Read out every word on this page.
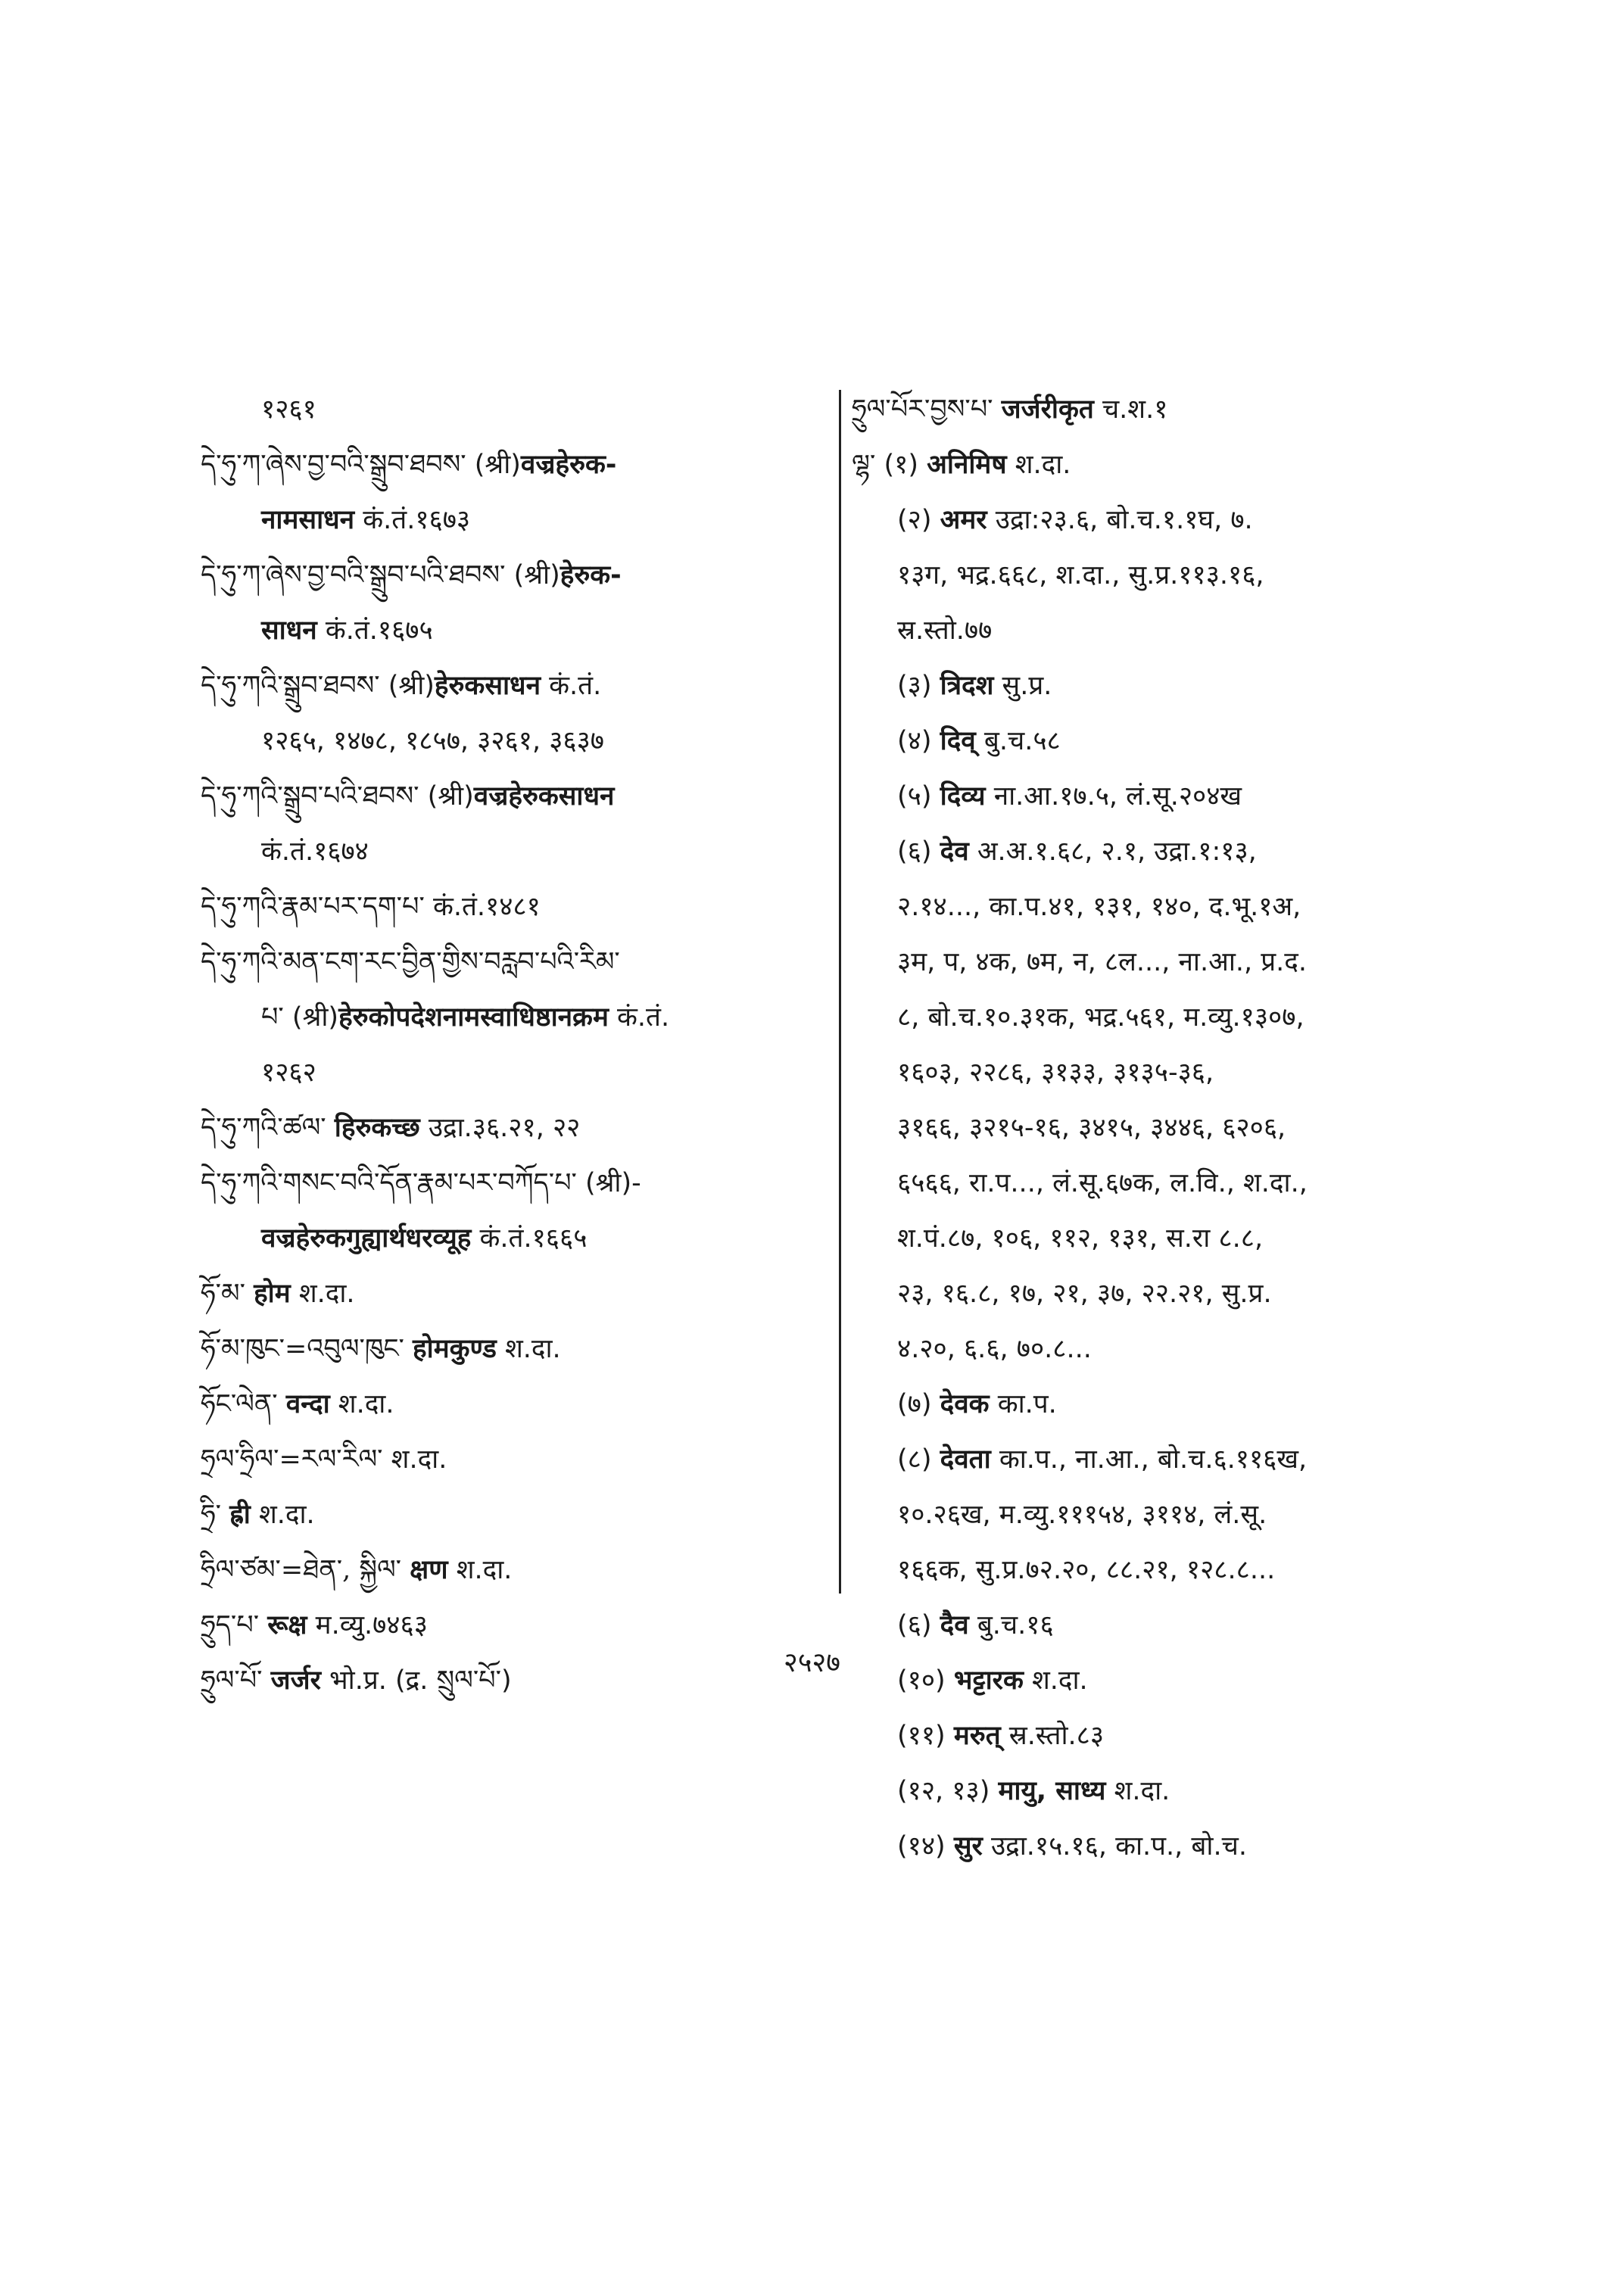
१२६१
དེ་ཧུ་ཀ་ཞེས་བྱ་བའི་སྒྲུབ་ཐབས་ (श्री)वज्रहेरुक-
नामसाधन कं.तं.१६७३
དེ་ཧུ་ཀ་ཞེས་བྱ་བའི་སྒྲུབ་པའི་ཐབས་ (श्री)हेरुक-
साधन कं.तं.१६७५
དེ་ཧུ་ཀའི་སྒྲུབ་ཐབས་ (श्री)हेरुकसाधन कं.तं.
१२६५, १४७८, १८५७, ३२६१, ३६३७
དེ་ཧུ་ཀའི་སྒྲུབ་པའི་ཐབས་ (श्री)वज्रहेरुकसाधन
कं.तं.१६७४
དེ་ཧུ་ཀའི་རྣམ་པར་དག་པ་ कं.तं.१४८१
དེ་ཧུ་ཀའི་མན་ངག་རང་བྱིན་གྱིས་བརླབ་པའི་རིམ་
པ་ (श्री)हेरुकोपदेशनामस्वाधिष्ठानक्रम कं.तं.
१२६२
དེ་ཧུ་ཀའི་ཚལ་ हिरुकच्छ उद्रा.३६.२१, २२
དེ་ཧུ་ཀའི་གསང་བའི་དོན་རྣམ་པར་བཀོད་པ་ (श्री)-
वज्रहेरुकगुह्यार्थधरव्यूह कं.तं.१६६५
ཧོ་མ་ होम श.दा.
ཧོ་མ་ཁུང་=འབུལ་ཁུང་ होमकुण्ड श.दा.
ཧོང་ལེན་ वन्दा श.दा.
ཧྲལ་ཧྲིལ་=རལ་རིལ་ श.दा.
ཧྲི་ ह्री श.दा.
ཧྲིལ་ཙམ་=ཐེན་, སྐྱིལ་ क्षण श.दा.
ཧྲུད་པ་ रूक्ष म.व्यु.७४६३
ཧྲུལ་པོ་ जर्जर भो.प्र. (द्र. སྲུལ་པོ་)
ཧྲུལ་པོར་བྱས་པ་ जर्जरीकृत च.श.१
ལྷ་ (१) अनिमिष श.दा.
(२) अमर उद्रा:२३.६, बो.च.१.१घ, ७.
१३ग, भद्र.६६८, श.दा., सु.प्र.११३.१६,
स्र.स्तो.७७
(३) त्रिदश सु.प्र.
(४) दिव् बु.च.५८
(५) दिव्य ना.आ.१७.५, लं.सू.२०४ख
(६) देव अ.अ.१.६८, २.१, उद्रा.१:१३,
२.१४..., का.प.४१, १३१, १४०, द.भू.१अ,
३म, प, ४क, ७म, न, ८ल..., ना.आ., प्र.द.
८, बो.च.१०.३१क, भद्र.५६१, म.व्यु.१३०७,
१६०३, २२८६, ३१३३, ३१३५-३६,
३१६६, ३२१५-१६, ३४१५, ३४४६, ६२०६,
६५६६, रा.प..., लं.सू.६७क, ल.वि., श.दा.,
श.पं.८७, १०६, ११२, १३१, स.रा ८.८,
२३, १६.८, १७, २१, ३७, २२.२१, सु.प्र.
४.२०, ६.६, ७०.८...
(७) देवक का.प.
(८) देवता का.प., ना.आ., बो.च.६.११६ख,
१०.२६ख, म.व्यु.१११५४, ३११४, लं.सू.
१६६क, सु.प्र.७२.२०, ८८.२१, १२८.८...
(६) दैव बु.च.१६
(१०) भट्टारक श.दा.
(११) मरुत् स्र.स्तो.८३
(१२, १३) मायु, साध्य श.दा.
(१४) सुर उद्रा.१५.१६, का.प., बो.च.
२५२७
